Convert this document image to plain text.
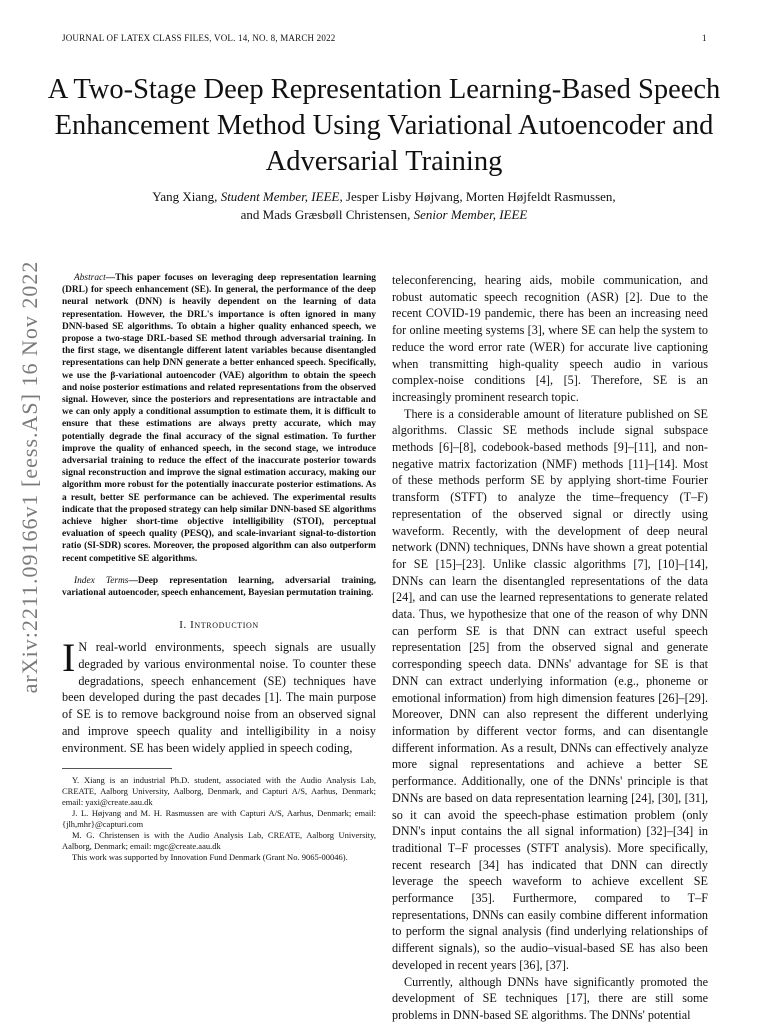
JOURNAL OF LATEX CLASS FILES, VOL. 14, NO. 8, MARCH 2022	1
A Two-Stage Deep Representation Learning-Based Speech Enhancement Method Using Variational Autoencoder and Adversarial Training
Yang Xiang, Student Member, IEEE, Jesper Lisby Højvang, Morten Højfeldt Rasmussen,
and Mads Græsbøll Christensen, Senior Member, IEEE
arXiv:2211.09166v1 [eess.AS] 16 Nov 2022	Abstract—This paper focuses on leveraging deep representation learning (DRL) for speech enhancement (SE). In general, the performance of the deep neural network (DNN) is heavily dependent on the learning of data representation. However, the DRL's importance is often ignored in many DNN-based SE algorithms. To obtain a higher quality enhanced speech, we propose a two-stage DRL-based SE method through adversarial training. In the first stage, we disentangle different latent variables because disentangled representations can help DNN generate a better enhanced speech. Specifically, we use the β-variational autoencoder (VAE) algorithm to obtain the speech and noise posterior estimations and related representations from the observed signal. However, since the posteriors and representations are intractable and we can only apply a conditional assumption to estimate them, it is difficult to ensure that these estimations are always pretty accurate, which may potentially degrade the final accuracy of the signal estimation. To further improve the quality of enhanced speech, in the second stage, we introduce adversarial training to reduce the effect of the inaccurate posterior towards signal reconstruction and improve the signal estimation accuracy, making our algorithm more robust for the potentially inaccurate posterior estimations. As a result, better SE performance can be achieved. The experimental results indicate that the proposed strategy can help similar DNN-based SE algorithms achieve higher short-time objective intelligibility (STOI), perceptual evaluation of speech quality (PESQ), and scale-invariant signal-to-distortion ratio (SI-SDR) scores. Moreover, the proposed algorithm can also outperform recent competitive SE algorithms.

Index Terms—Deep representation learning, adversarial training, variational autoencoder, speech enhancement, Bayesian permutation training.

I. Introduction

I N real-world environments, speech signals are usually degraded by various environmental noise. To counter these degradations, speech enhancement (SE) techniques have been developed during the past decades [1]. The main purpose of SE is to remove background noise from an observed signal and improve speech quality and intelligibility in a noisy environment. SE has been widely applied in speech coding,

Y. Xiang is an industrial Ph.D. student, associated with the Audio Analysis Lab, CREATE, Aalborg University, Aalborg, Denmark, and Capturi A/S, Aarhus, Denmark; email: yaxi@create.aau.dk

J. L. Højvang and M. H. Rasmussen are with Capturi A/S, Aarhus, Denmark; email: {jlh,mhr}@capturi.com

M. G. Christensen is with the Audio Analysis Lab, CREATE, Aalborg University, Aalborg, Denmark; email: mgc@create.aau.dk

This work was supported by Innovation Fund Denmark (Grant No. 9065-00046).

teleconferencing, hearing aids, mobile communication, and robust automatic speech recognition (ASR) [2]. Due to the recent COVID-19 pandemic, there has been an increasing need for online meeting systems [3], where SE can help the system to reduce the word error rate (WER) for accurate live captioning when transmitting high-quality speech audio in various complex-noise conditions [4], [5]. Therefore, SE is an increasingly prominent research topic.

There is a considerable amount of literature published on SE algorithms. Classic SE methods include signal subspace methods [6]–[8], codebook-based methods [9]–[11], and non-negative matrix factorization (NMF) methods [11]–[14]. Most of these methods perform SE by applying short-time Fourier transform (STFT) to analyze the time–frequency (T–F) representation of the observed signal or directly using waveform. Recently, with the development of deep neural network (DNN) techniques, DNNs have shown a great potential for SE [15]–[23]. Unlike classic algorithms [7], [10]–[14], DNNs can learn the disentangled representations of the data [24], and can use the learned representations to generate related data. Thus, we hypothesize that one of the reason of why DNN can perform SE is that DNN can extract useful speech representation [25] from the observed signal and generate corresponding speech data. DNNs' advantage for SE is that DNN can extract underlying information (e.g., phoneme or emotional information) from high dimension features [26]–[29]. Moreover, DNN can also represent the different underlying information by different vector forms, and can disentangle different information. As a result, DNNs can effectively analyze more signal representations and achieve a better SE performance. Additionally, one of the DNNs' principle is that DNNs are based on data representation learning [24], [30], [31], so it can avoid the speech-phase estimation problem (only DNN's input contains the all signal information) [32]–[34] in traditional T–F processes (STFT analysis). More specifically, recent research [34] has indicated that DNN can directly leverage the speech waveform to achieve excellent SE performance [35]. Furthermore, compared to T–F representations, DNNs can easily combine different information to perform the signal analysis (find underlying relationships of different signals), so the audio–visual-based SE has also been developed in recent years [36], [37].

Currently, although DNNs have significantly promoted the development of SE techniques [17], there are still some problems in DNN-based SE algorithms. The DNNs' potential
